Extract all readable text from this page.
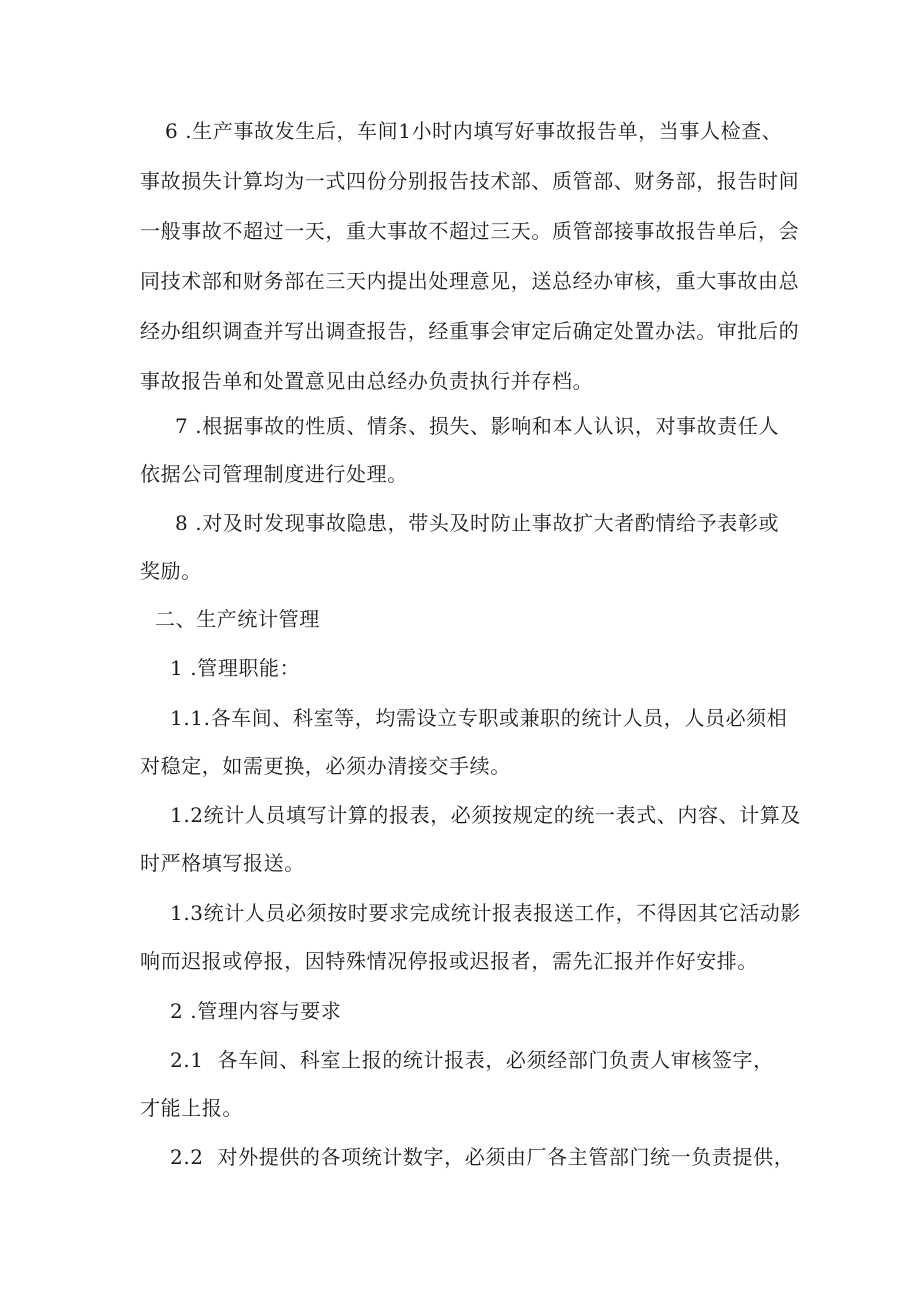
6 .生产事故发生后，车间1小时内填写好事故报告单，当事人检查、
事故损失计算均为一式四份分别报告技术部、质管部、财务部，报告时间
一般事故不超过一天，重大事故不超过三天。质管部接事故报告单后，会
同技术部和财务部在三天内提出处理意见，送总经办审核，重大事故由总
经办组织调查并写出调查报告，经重事会审定后确定处置办法。审批后的
事故报告单和处置意见由总经办负责执行并存档。
7 .根据事故的性质、情条、损失、影响和本人认识，对事故责任人
依据公司管理制度进行处理。
8 .对及时发现事故隐患，带头及时防止事故扩大者酌情给予表彰或
奖励。
二、生产统计管理
1 .管理职能：
1.1.各车间、科室等，均需设立专职或兼职的统计人员，人员必须相
对稳定，如需更换，必须办清接交手续。
1.2统计人员填写计算的报表，必须按规定的统一表式、内容、计算及
时严格填写报送。
1.3统计人员必须按时要求完成统计报表报送工作，不得因其它活动影
响而迟报或停报，因特殊情况停报或迟报者，需先汇报并作好安排。
2 .管理内容与要求
2.1  各车间、科室上报的统计报表，必须经部门负责人审核签字，
才能上报。
2.2  对外提供的各项统计数字，必须由厂各主管部门统一负责提供，
